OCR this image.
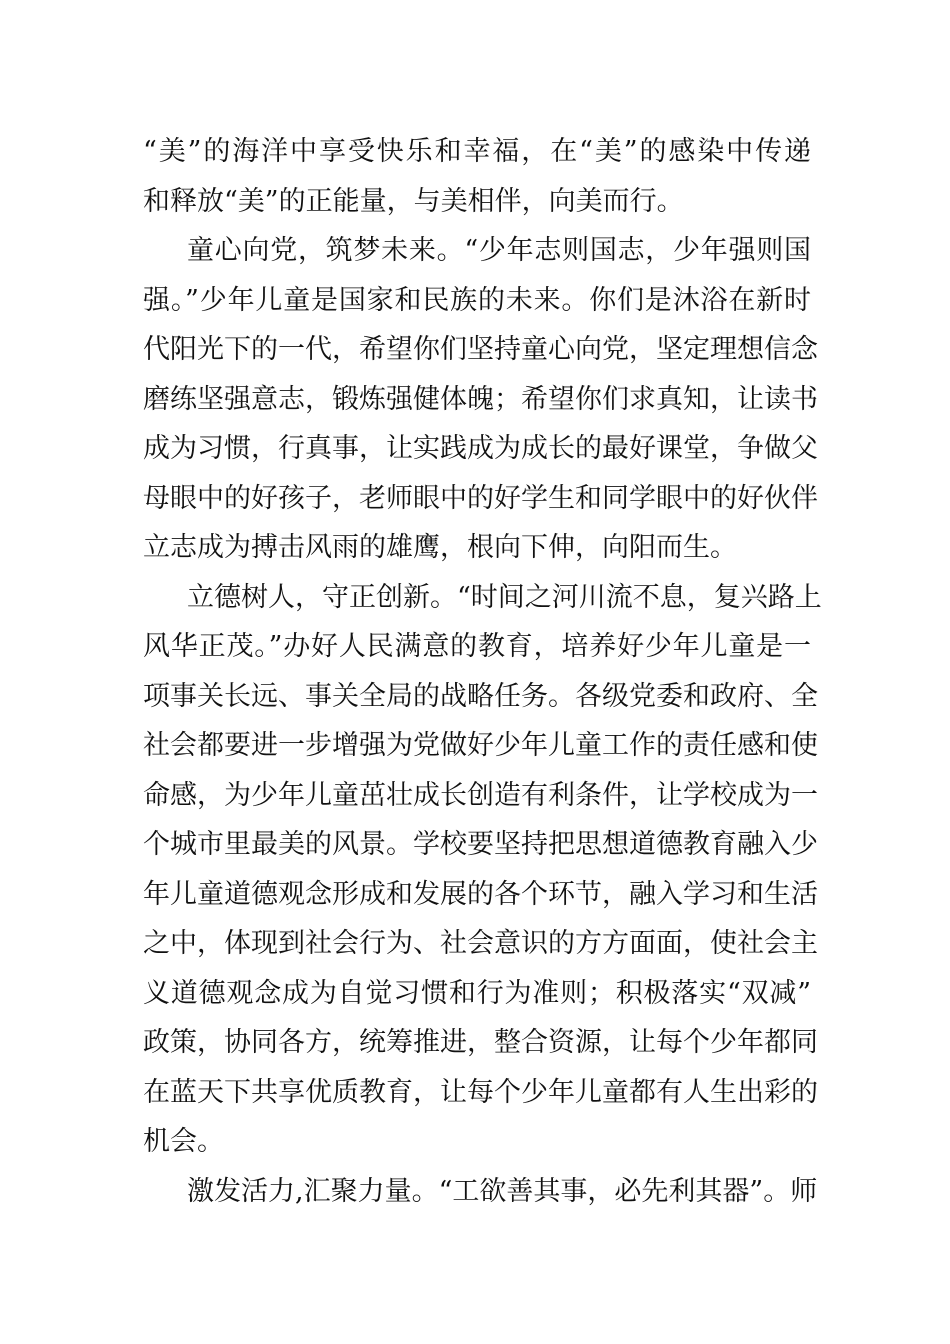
“美”的海洋中享受快乐和幸福，在“美”的感染中传递
和释放“美”的正能量，与美相伴，向美而行。
童心向党，筑梦未来。“少年志则国志，少年强则国
强。”少年儿童是国家和民族的未来。你们是沐浴在新时
代阳光下的一代，希望你们坚持童心向党，坚定理想信念
磨练坚强意志，锻炼强健体魄；希望你们求真知，让读书
成为习惯，行真事，让实践成为成长的最好课堂，争做父
母眼中的好孩子，老师眼中的好学生和同学眼中的好伙伴
立志成为搏击风雨的雄鹰，根向下伸，向阳而生。
立德树人，守正创新。“时间之河川流不息，复兴路上
风华正茂。”办好人民满意的教育，培养好少年儿童是一
项事关长远、事关全局的战略任务。各级党委和政府、全
社会都要进一步增强为党做好少年儿童工作的责任感和使
命感，为少年儿童茁壮成长创造有利条件，让学校成为一
个城市里最美的风景。学校要坚持把思想道德教育融入少
年儿童道德观念形成和发展的各个环节，融入学习和生活
之中，体现到社会行为、社会意识的方方面面，使社会主
义道德观念成为自觉习惯和行为准则；积极落实“双减”
政策，协同各方，统筹推进，整合资源，让每个少年都同
在蓝天下共享优质教育，让每个少年儿童都有人生出彩的
机会。
激发活力,汇聚力量。“工欲善其事，必先利其器”。师
